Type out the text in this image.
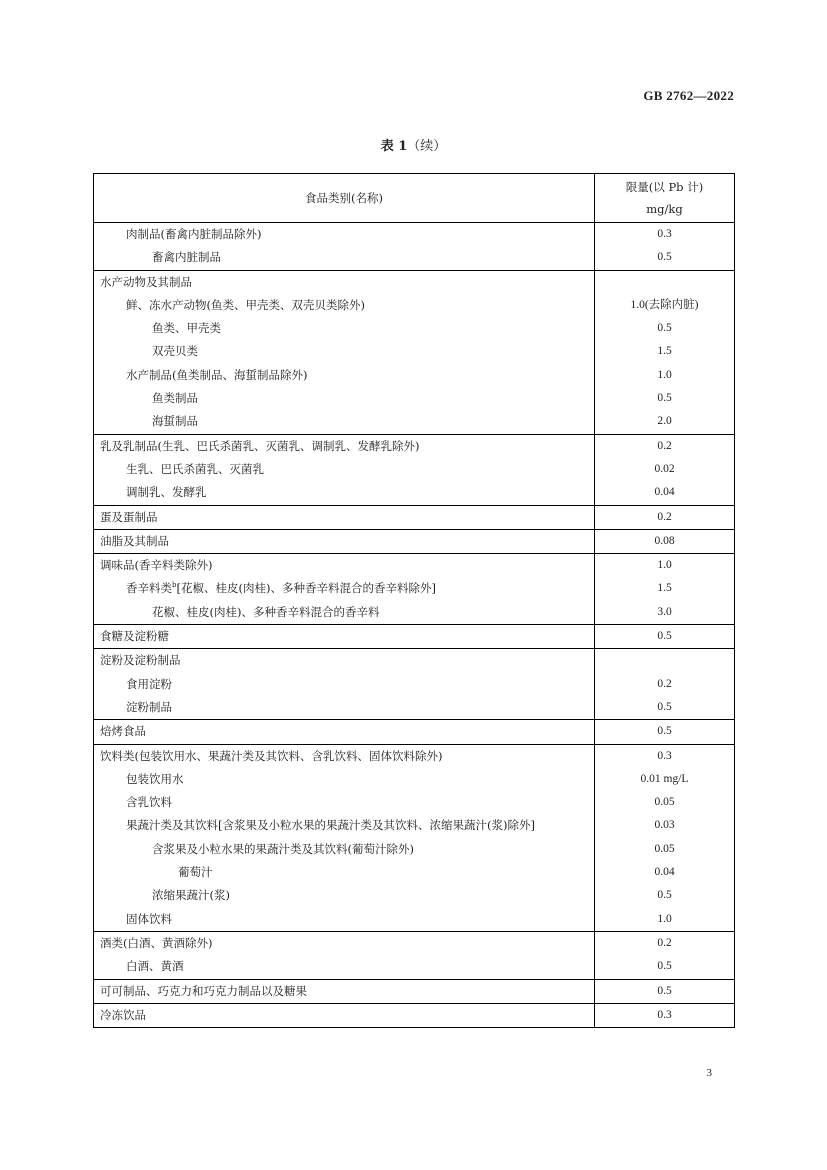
GB 2762—2022
表 1（续）
食品类别(名称)	限量(以 Pb 计)
mg/kg

肉制品(畜禽内脏制品除外)	0.3
畜禽内脏制品	0.5
水产动物及其制品	
鲜、冻水产动物(鱼类、甲壳类、双壳贝类除外)	1.0(去除内脏)
鱼类、甲壳类	0.5
双壳贝类	1.5
水产制品(鱼类制品、海蜇制品除外)	1.0
鱼类制品	0.5
海蜇制品	2.0
乳及乳制品(生乳、巴氏杀菌乳、灭菌乳、调制乳、发酵乳除外)	0.2
生乳、巴氏杀菌乳、灭菌乳	0.02
调制乳、发酵乳	0.04
蛋及蛋制品	0.2
油脂及其制品	0.08
调味品(香辛料类除外)	1.0
香辛料类$^b$[花椒、桂皮(肉桂)、多种香辛料混合的香辛料除外]	1.5
花椒、桂皮(肉桂)、多种香辛料混合的香辛料	3.0
食糖及淀粉糖	0.5
淀粉及淀粉制品	
食用淀粉	0.2
淀粉制品	0.5
焙烤食品	0.5
饮料类(包装饮用水、果蔬汁类及其饮料、含乳饮料、固体饮料除外)	0.3
包装饮用水	0.01 mg/L
含乳饮料	0.05
果蔬汁类及其饮料[含浆果及小粒水果的果蔬汁类及其饮料、浓缩果蔬汁(浆)除外]	0.03
含浆果及小粒水果的果蔬汁类及其饮料(葡萄汁除外)	0.05
葡萄汁	0.04
浓缩果蔬汁(浆)	0.5
固体饮料	1.0
酒类(白酒、黄酒除外)	0.2
白酒、黄酒	0.5
可可制品、巧克力和巧克力制品以及糖果	0.5
冷冻饮品	0.3
3
